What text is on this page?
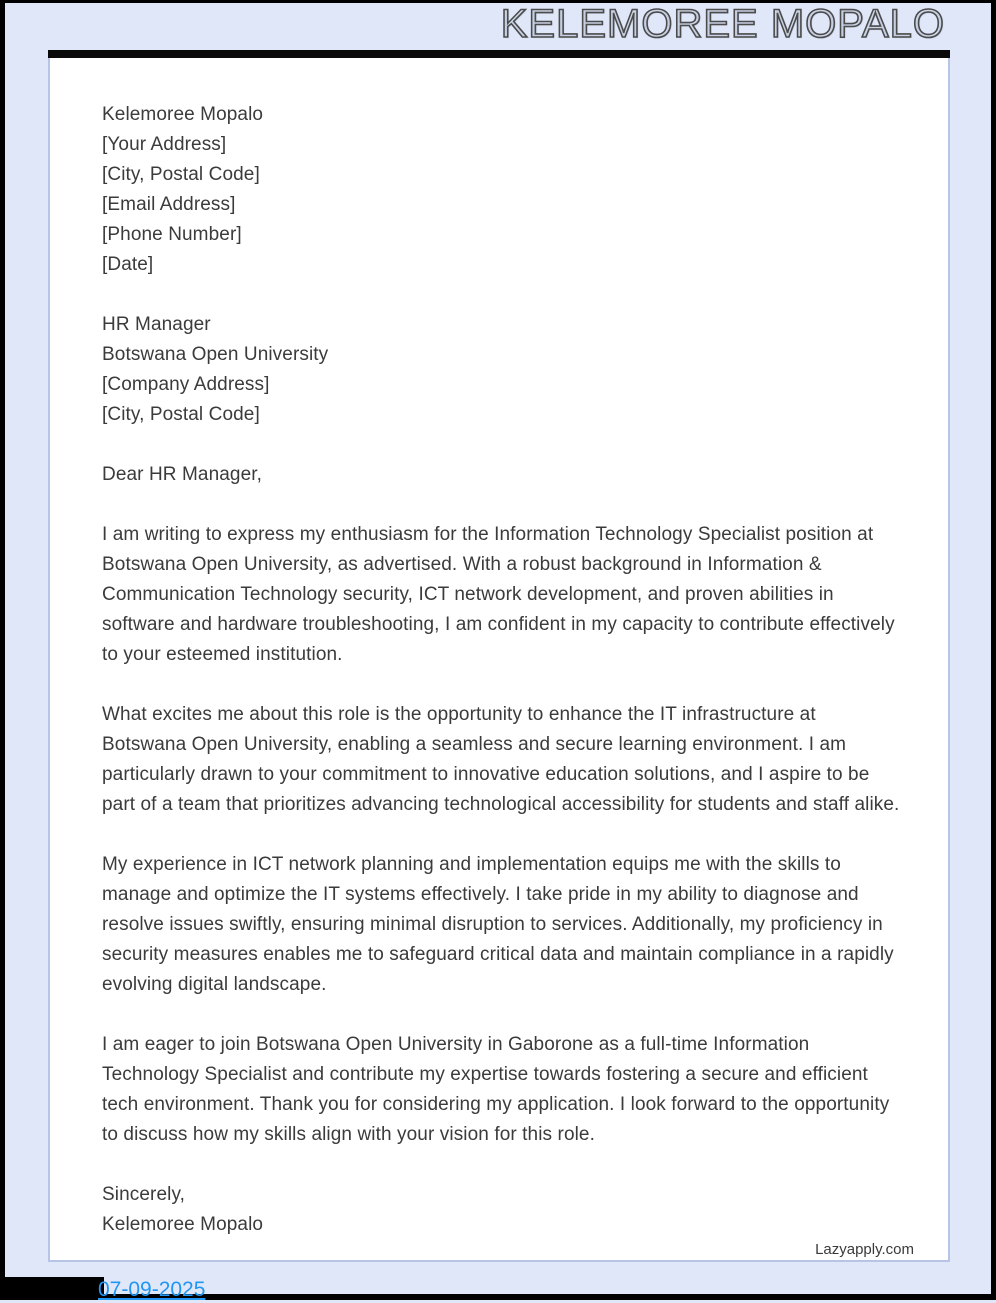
KELEMOREE MOPALO
Kelemoree Mopalo
[Your Address]
[City, Postal Code]
[Email Address]
[Phone Number]
[Date]
HR Manager
Botswana Open University
[Company Address]
[City, Postal Code]
Dear HR Manager,

I am writing to express my enthusiasm for the Information Technology Specialist position at Botswana Open University, as advertised. With a robust background in Information & Communication Technology security, ICT network development, and proven abilities in software and hardware troubleshooting, I am confident in my capacity to contribute effectively to your esteemed institution.

What excites me about this role is the opportunity to enhance the IT infrastructure at Botswana Open University, enabling a seamless and secure learning environment. I am particularly drawn to your commitment to innovative education solutions, and I aspire to be part of a team that prioritizes advancing technological accessibility for students and staff alike.

My experience in ICT network planning and implementation equips me with the skills to manage and optimize the IT systems effectively. I take pride in my ability to diagnose and resolve issues swiftly, ensuring minimal disruption to services. Additionally, my proficiency in security measures enables me to safeguard critical data and maintain compliance in a rapidly evolving digital landscape.

I am eager to join Botswana Open University in Gaborone as a full-time Information Technology Specialist and contribute my expertise towards fostering a secure and efficient tech environment. Thank you for considering my application. I look forward to the opportunity to discuss how my skills align with your vision for this role.

Sincerely,
Kelemoree Mopalo
Lazyapply.com
07-09-2025
